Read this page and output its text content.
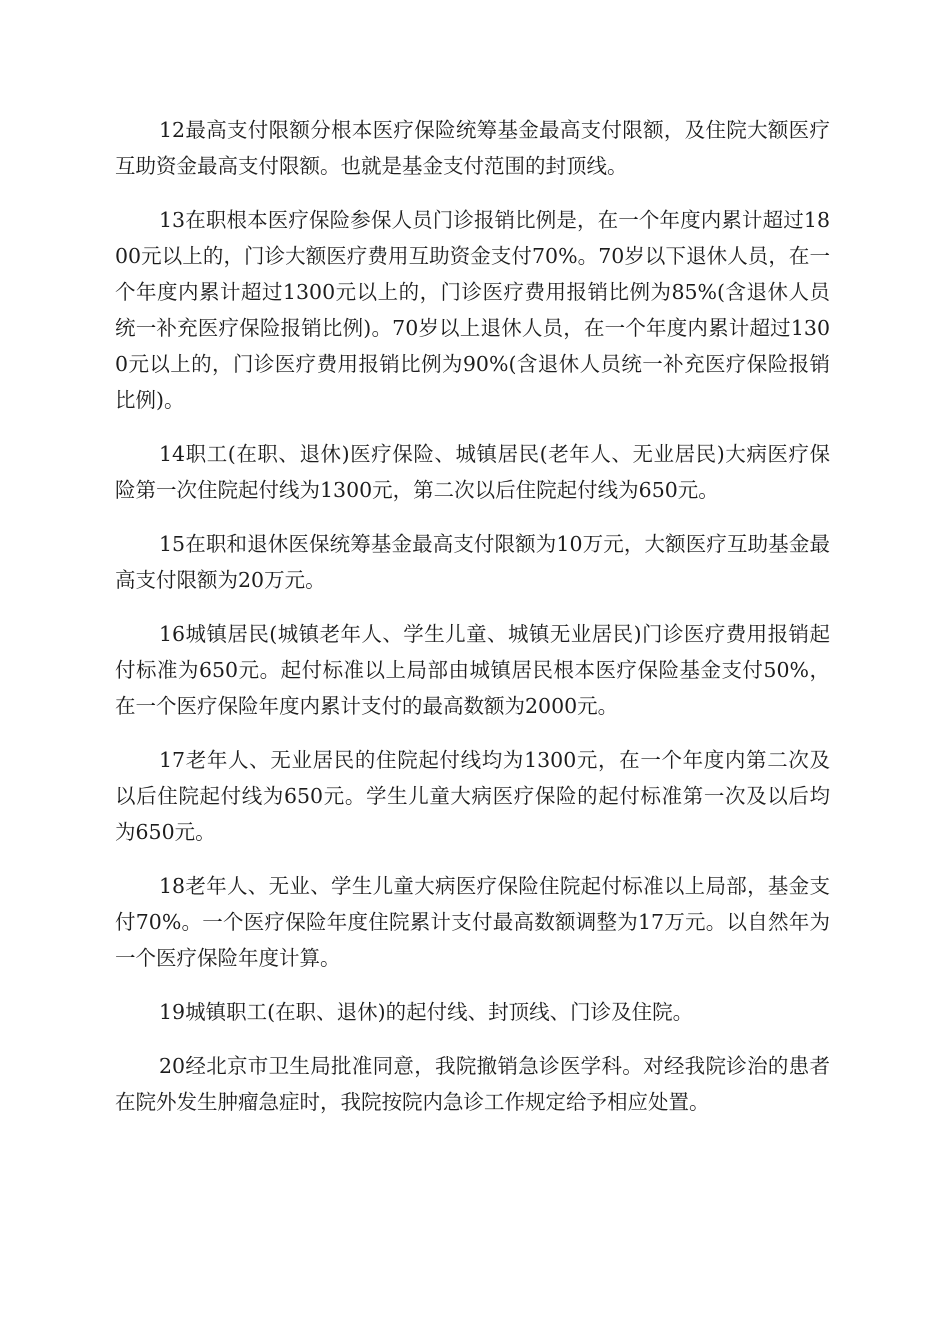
12最高支付限额分根本医疗保险统筹基金最高支付限额，及住院大额医疗互助资金最高支付限额。也就是基金支付范围的封顶线。

13在职根本医疗保险参保人员门诊报销比例是，在一个年度内累计超过1800元以上的，门诊大额医疗费用互助资金支付70%。70岁以下退休人员，在一个年度内累计超过1300元以上的，门诊医疗费用报销比例为85%(含退休人员统一补充医疗保险报销比例)。70岁以上退休人员，在一个年度内累计超过1300元以上的，门诊医疗费用报销比例为90%(含退休人员统一补充医疗保险报销比例)。

14职工(在职、退休)医疗保险、城镇居民(老年人、无业居民)大病医疗保险第一次住院起付线为1300元，第二次以后住院起付线为650元。

15在职和退休医保统筹基金最高支付限额为10万元，大额医疗互助基金最高支付限额为20万元。

16城镇居民(城镇老年人、学生儿童、城镇无业居民)门诊医疗费用报销起付标准为650元。起付标准以上局部由城镇居民根本医疗保险基金支付50%，在一个医疗保险年度内累计支付的最高数额为2000元。

17老年人、无业居民的住院起付线均为1300元，在一个年度内第二次及以后住院起付线为650元。学生儿童大病医疗保险的起付标准第一次及以后均为650元。

18老年人、无业、学生儿童大病医疗保险住院起付标准以上局部，基金支付70%。一个医疗保险年度住院累计支付最高数额调整为17万元。以自然年为一个医疗保险年度计算。

19城镇职工(在职、退休)的起付线、封顶线、门诊及住院。

20经北京市卫生局批准同意，我院撤销急诊医学科。对经我院诊治的患者在院外发生肿瘤急症时，我院按院内急诊工作规定给予相应处置。
